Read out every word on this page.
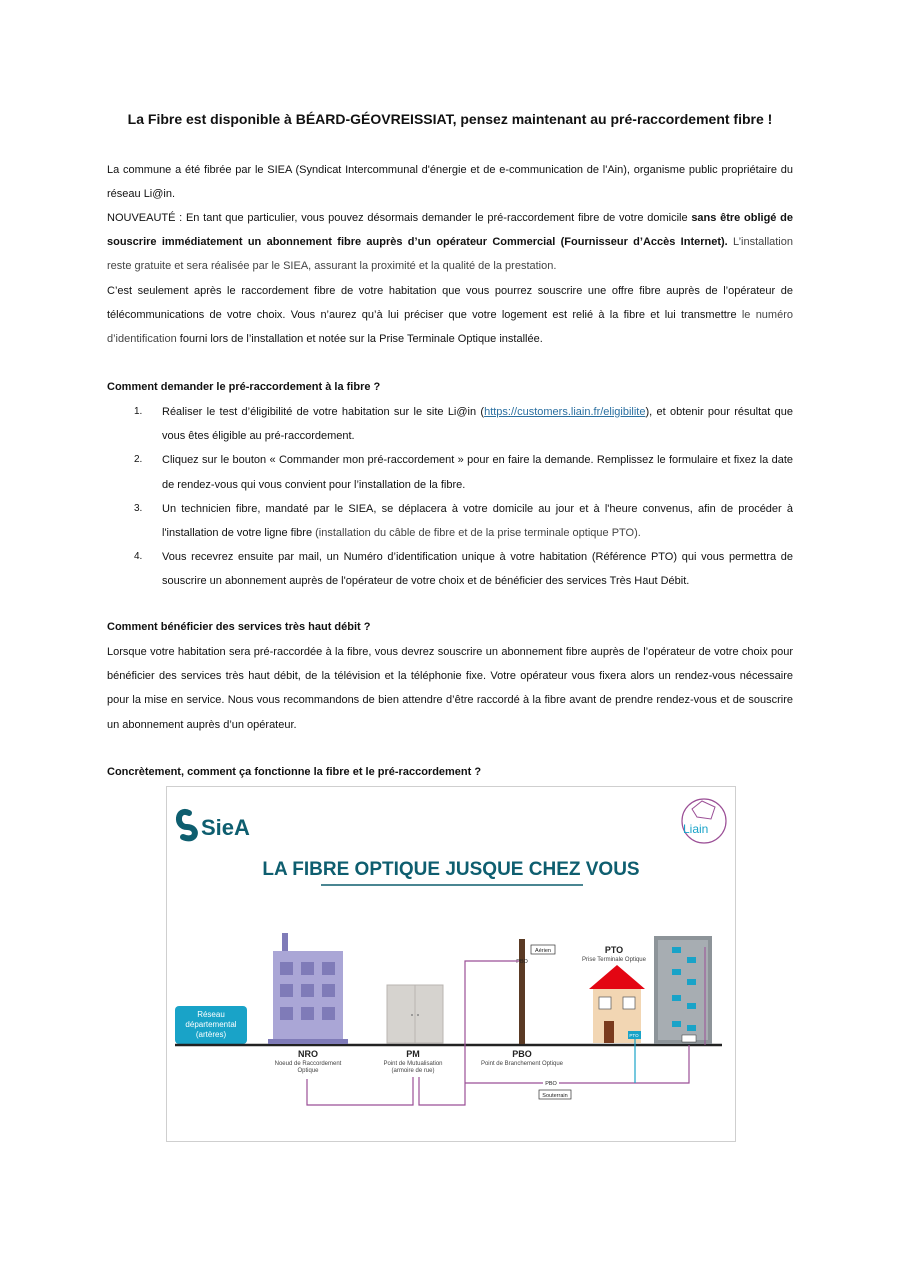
La Fibre est disponible à BÉARD-GÉOVREISSIAT, pensez maintenant au pré-raccordement fibre !
La commune a été fibrée par le SIEA (Syndicat Intercommunal d'énergie et de e-communication de l'Ain), organisme public propriétaire du réseau Li@in.
NOUVEAUTÉ : En tant que particulier, vous pouvez désormais demander le pré-raccordement fibre de votre domicile sans être obligé de souscrire immédiatement un abonnement fibre auprès d’un opérateur Commercial (Fournisseur d’Accès Internet). L’installation reste gratuite et sera réalisée par le SIEA, assurant la proximité et la qualité de la prestation.
C’est seulement après le raccordement fibre de votre habitation que vous pourrez souscrire une offre fibre auprès de l’opérateur de télécommunications de votre choix. Vous n’aurez qu’à lui préciser que votre logement est relié à la fibre et lui transmettre le numéro d’identification fourni lors de l’installation et notée sur la Prise Terminale Optique installée.
Comment demander le pré-raccordement à la fibre ?
1. Réaliser le test d’éligibilité de votre habitation sur le site Li@in (https://customers.liain.fr/eligibilite), et obtenir pour résultat que vous êtes éligible au pré-raccordement.
2. Cliquez sur le bouton « Commander mon pré-raccordement » pour en faire la demande. Remplissez le formulaire et fixez la date de rendez-vous qui vous convient pour l’installation de la fibre.
3. Un technicien fibre, mandaté par le SIEA, se déplacera à votre domicile au jour et à l'heure convenus, afin de procéder à l'installation de votre ligne fibre (installation du câble de fibre et de la prise terminale optique PTO).
4. Vous recevrez ensuite par mail, un Numéro d’identification unique à votre habitation (Référence PTO) qui vous permettra de souscrire un abonnement auprès de l'opérateur de votre choix et de bénéficier des services Très Haut Débit.
Comment bénéficier des services très haut débit ?
Lorsque votre habitation sera pré-raccordée à la fibre, vous devrez souscrire un abonnement fibre auprès de l’opérateur de votre choix pour bénéficier des services très haut débit, de la télévision et la téléphonie fixe. Votre opérateur vous fixera alors un rendez-vous nécessaire pour la mise en service. Nous vous recommandons de bien attendre d’être raccordé à la fibre avant de prendre rendez-vous et de souscrire un abonnement auprès d’un opérateur.
Concrètement, comment ça fonctionne la fibre et le pré-raccordement ?
SieA	Liain
LA FIBRE OPTIQUE JUSQUE CHEZ VOUS
Réseau
départemental
(artères)
NRO
Noeud de Raccordement
Optique
PM
Point de Mutualisation
(armoire de rue)
Aérien
PBO
PBO
Point de Branchement Optique
PTO
PTO
Prise Terminale Optique
PBO
Souterrain
